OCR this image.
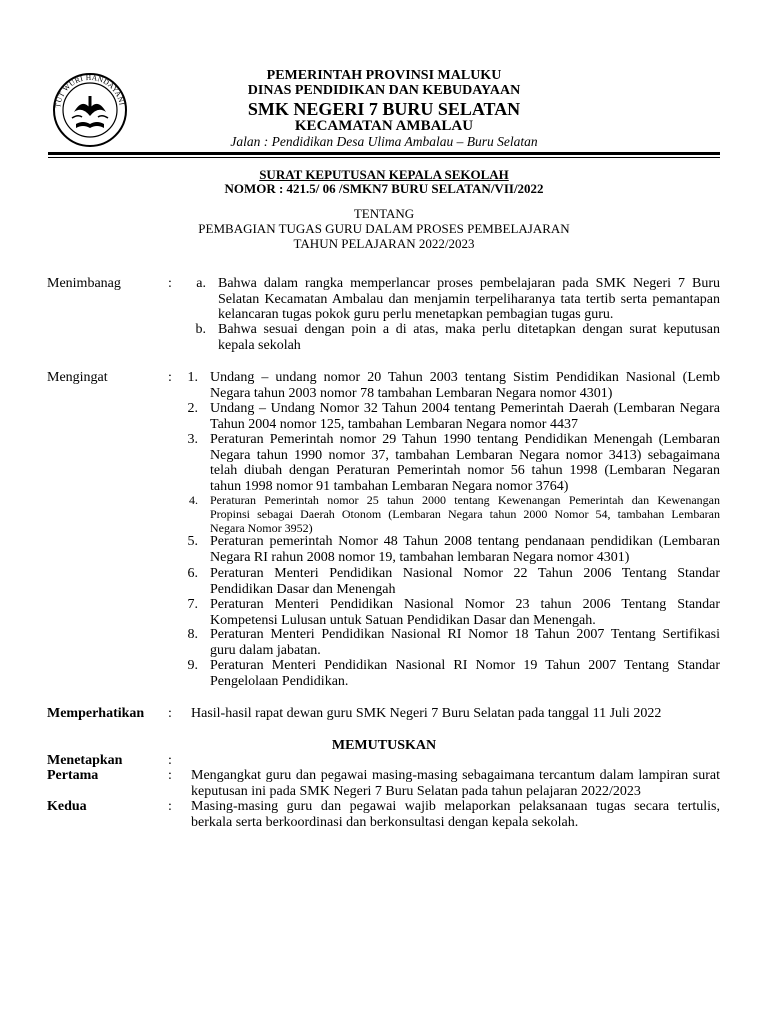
TUT WURI HANDAYANI
PEMERINTAH PROVINSI MALUKU
DINAS PENDIDIKAN DAN KEBUDAYAAN
SMK NEGERI 7 BURU SELATAN
KECAMATAN AMBALAU
Jalan : Pendidikan Desa Ulima Ambalau – Buru Selatan
SURAT KEPUTUSAN KEPALA SEKOLAH
NOMOR : 421.5/ 06 /SMKN7 BURU SELATAN/VII/2022
TENTANG
PEMBAGIAN TUGAS GURU DALAM PROSES PEMBELAJARAN
TAHUN PELAJARAN 2022/2023
Menimbanag	:	a. Bahwa dalam rangka memperlancar proses pembelajaran pada SMK Negeri 7 Buru
Selatan Kecamatan Ambalau dan menjamin terpeliharanya tata tertib serta pemantapan
kelancaran tugas pokok guru perlu menetapkan pembagian tugas guru.
b. Bahwa sesuai dengan poin a di atas, maka perlu ditetapkan dengan surat keputusan
kepala sekolah
Mengingat	:	1. Undang – undang nomor 20 Tahun 2003 tentang Sistim Pendidikan Nasional (Lemb
Negara tahun 2003 nomor 78 tambahan Lembaran Negara nomor 4301)
2. Undang – Undang Nomor 32 Tahun 2004 tentang Pemerintah Daerah (Lembaran Negara
Tahun 2004 nomor 125, tambahan Lembaran Negara nomor 4437
3. Peraturan Pemerintah nomor 29 Tahun 1990 tentang Pendidikan Menengah (Lembaran
Negara tahun 1990 nomor 37, tambahan Lembaran Negara nomor 3413) sebagaimana
telah diubah dengan Peraturan Pemerintah nomor 56 tahun 1998 (Lembaran Negaran
tahun 1998 nomor 91 tambahan Lembaran Negara nomor 3764)
4. Peraturan Pemerintah nomor 25 tahun 2000 tentang Kewenangan Pemerintah dan Kewenangan
Propinsi sebagai Daerah Otonom (Lembaran Negara tahun 2000 Nomor 54, tambahan Lembaran
Negara Nomor 3952)
5. Peraturan pemerintah Nomor 48 Tahun 2008 tentang pendanaan pendidikan (Lembaran
Negara RI rahun 2008 nomor 19, tambahan lembaran Negara nomor 4301)
6. Peraturan Menteri Pendidikan Nasional Nomor 22 Tahun 2006 Tentang Standar
Pendidikan Dasar dan Menengah
7. Peraturan Menteri Pendidikan Nasional Nomor 23 tahun 2006 Tentang Standar
Kompetensi Lulusan untuk Satuan Pendidikan Dasar dan Menengah.
8. Peraturan Menteri Pendidikan Nasional RI Nomor 18 Tahun 2007 Tentang Sertifikasi
guru dalam jabatan.
9. Peraturan Menteri Pendidikan Nasional RI Nomor 19 Tahun 2007 Tentang Standar
Pengelolaan Pendidikan.
Memperhatikan : Hasil-hasil rapat dewan guru SMK Negeri 7 Buru Selatan pada tanggal 11 Juli 2022
MEMUTUSKAN
Menetapkan	:
Pertama	: Mengangkat guru dan pegawai masing-masing sebagaimana tercantum dalam lampiran surat
keputusan ini pada SMK Negeri 7 Buru Selatan pada tahun pelajaran 2022/2023
Kedua	: Masing-masing guru dan pegawai wajib melaporkan pelaksanaan tugas secara tertulis,
berkala serta berkoordinasi dan berkonsultasi dengan kepala sekolah.
